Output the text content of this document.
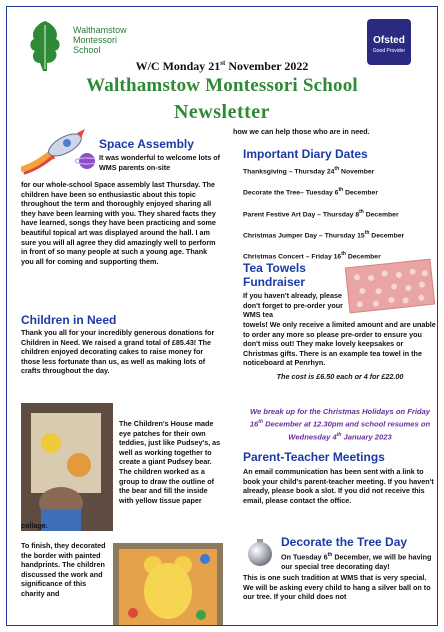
Walthamstow
Montessori
School
Ofsted
Good Provider
W/C Monday 21st November 2022
Walthamstow Montessori School
Newsletter
Space Assembly
It was wonderful to welcome lots of WMS parents on-site
for our whole-school Space assembly last Thursday. The children have been so enthusiastic about this topic throughout the term and thoroughly enjoyed sharing all they have been learning with you. They shared facts they have learned, songs they have been practicing and some beautiful topical art was displayed around the hall. I am sure you will all agree they did amazingly well to perform in front of so many people at such a young age. Thank you all for coming and supporting them.
Children in Need
Thank you all for your incredibly generous donations for Children in Need. We raised a grand total of £85.43! The children enjoyed decorating cakes to raise money for those less fortunate than us, as well as making lots of crafts throughout the day.
The Children's House made eye patches for their own teddies, just like Pudsey's, as well as working together to create a giant Pudsey bear. The children worked as a group to draw the outline of the bear and fill the inside with yellow tissue paper
collage.
To finish, they decorated the border with painted handprints. The children discussed the work and significance of this charity and
how we can help those who are in need.
Important Diary Dates
Thanksgiving – Thursday 24th November
Decorate the Tree– Tuesday 6th December
Parent Festive Art Day – Thursday 8th December
Christmas Jumper Day – Thursday 15th December
Christmas Concert – Friday 16th December
Tea Towels Fundraiser
If you haven't already, please don't forget to pre-order your WMS tea
towels! We only receive a limited amount and are unable to order any more so please pre-order to ensure you don't miss out! They make lovely keepsakes or Christmas gifts. There is an example tea towel in the noticeboard at Penrhyn.
The cost is £6.50 each or 4 for £22.00
We break up for the Christmas Holidays on Friday 16th December at 12.30pm and school resumes on Wednesday 4th January 2023
Parent-Teacher Meetings
An email communication has been sent with a link to book your child's parent-teacher meeting. If you haven't already, please book a slot. If you did not receive this email, please contact the office.
Decorate the Tree Day
On Tuesday 6th December, we will be having our special tree decorating day!
This is one such tradition at WMS that is very special. We will be asking every child to hang a silver ball on to our tree. If your child does not
